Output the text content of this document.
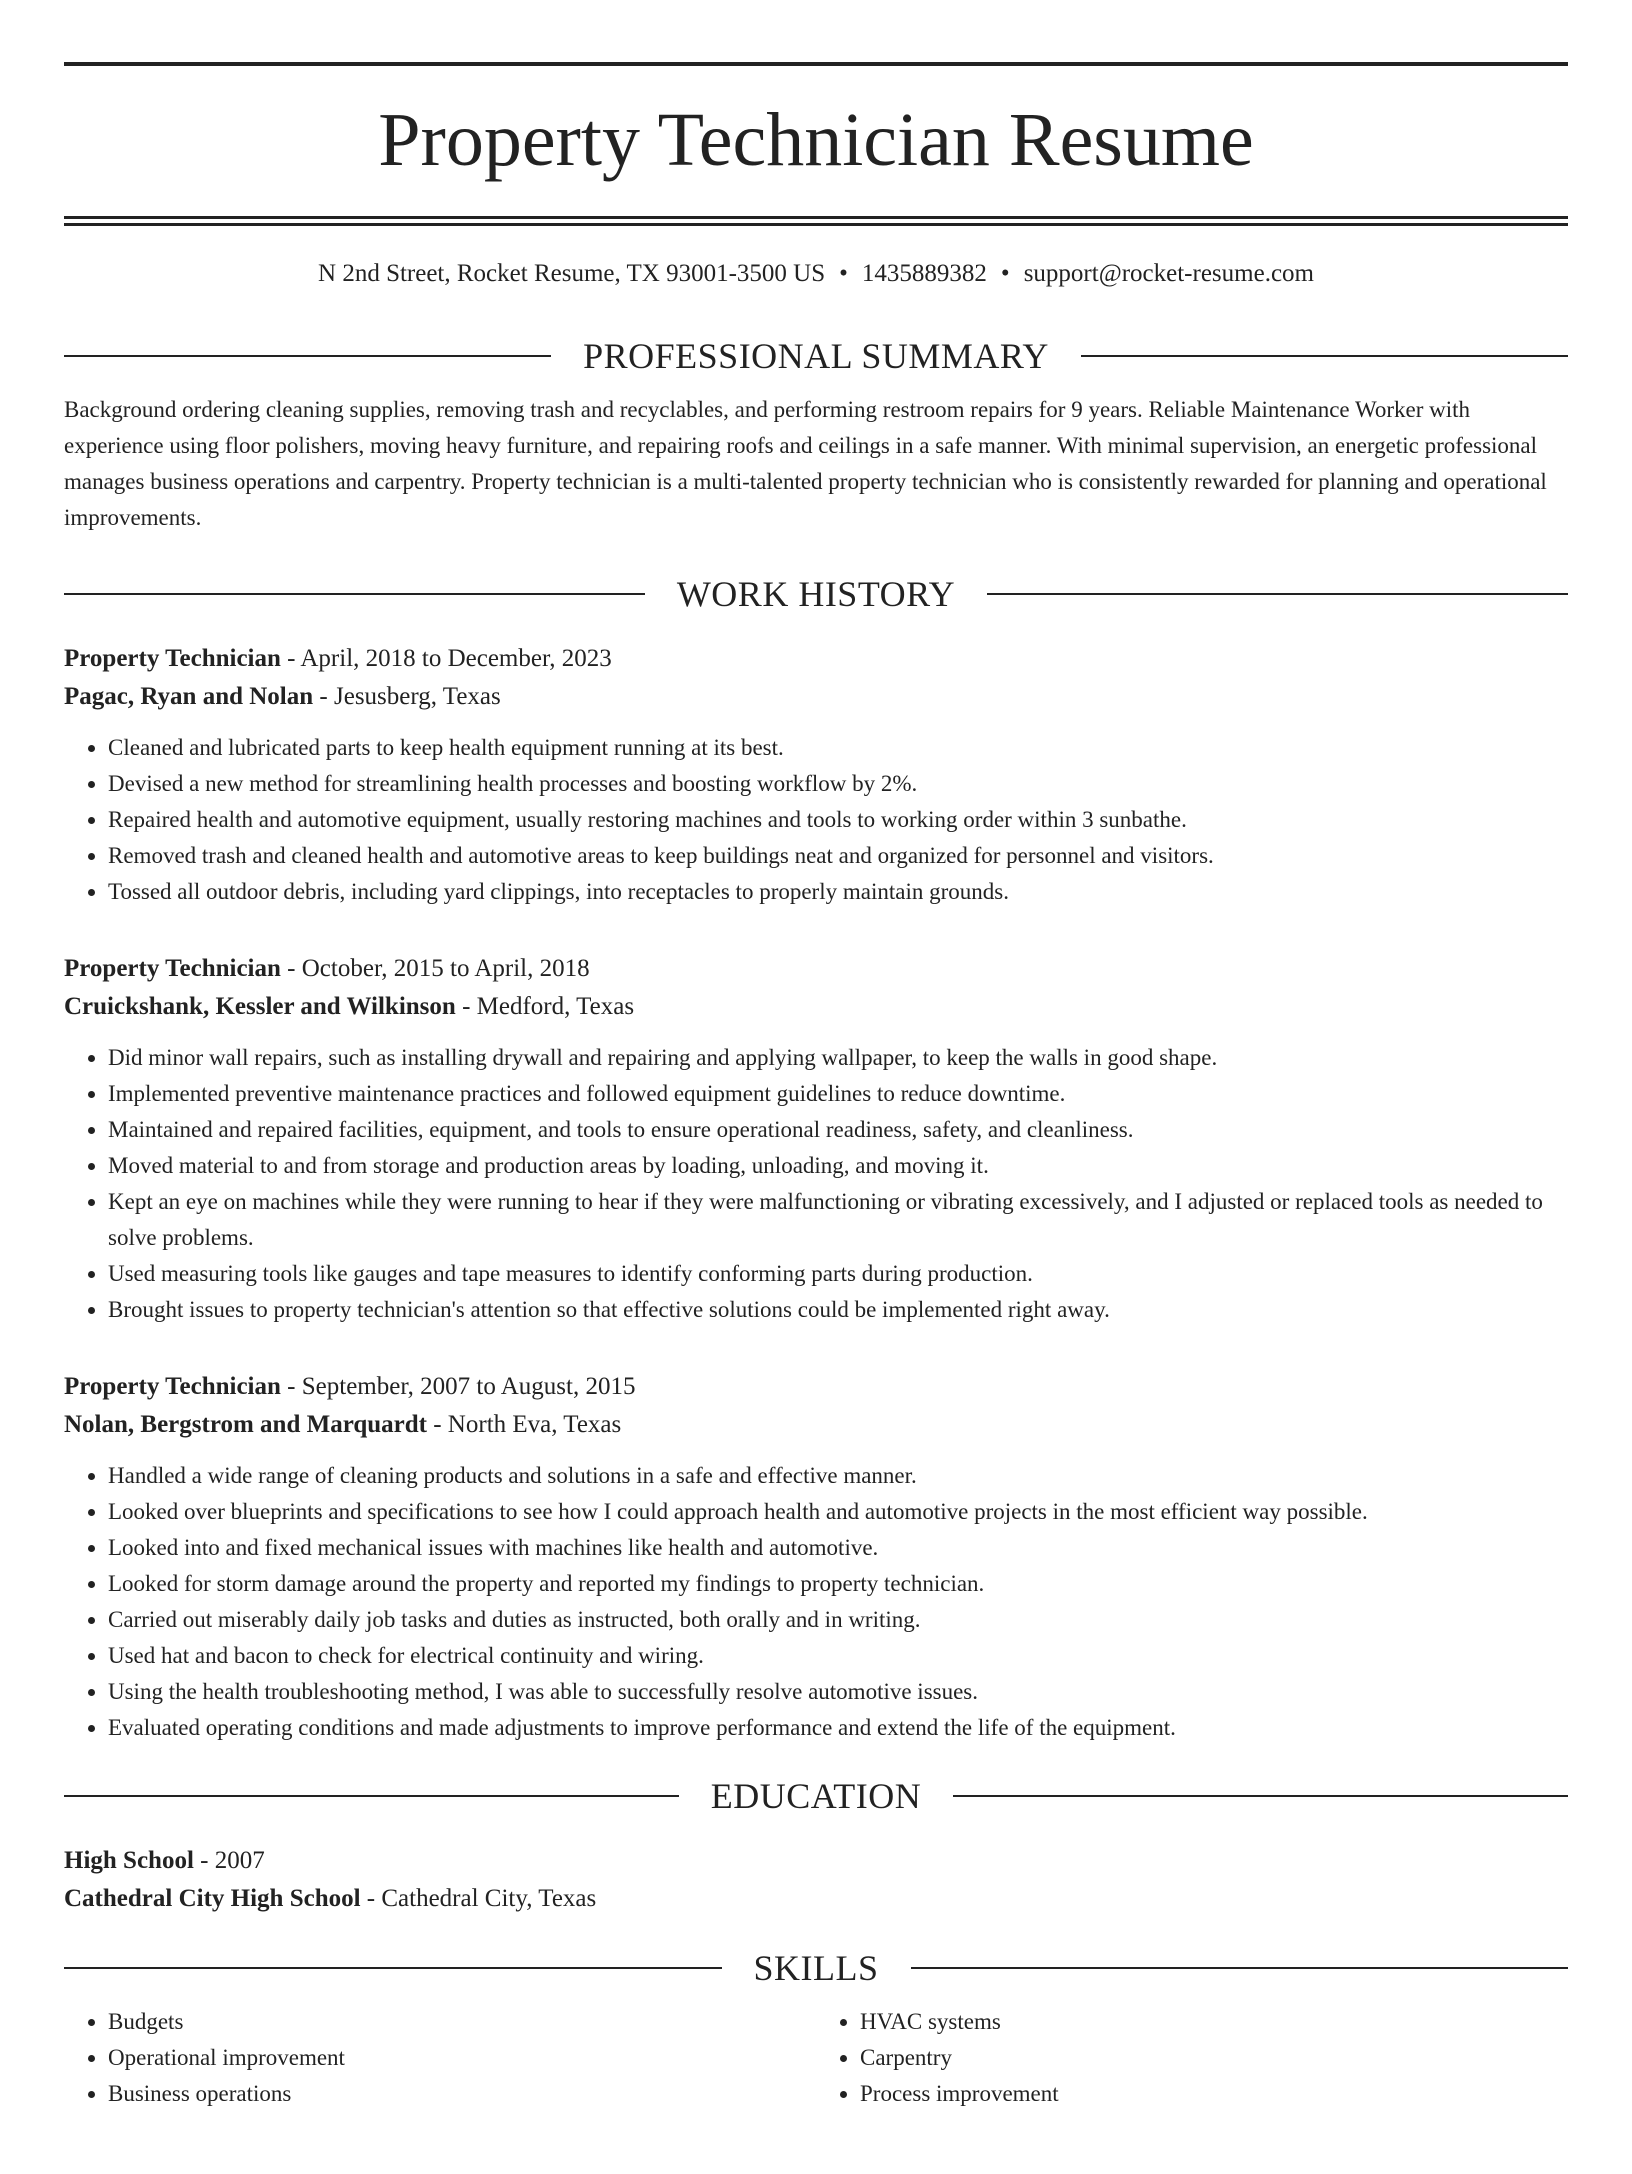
Property Technician Resume
N 2nd Street, Rocket Resume, TX 93001-3500 US • 1435889382 • support@rocket-resume.com
PROFESSIONAL SUMMARY
Background ordering cleaning supplies, removing trash and recyclables, and performing restroom repairs for 9 years. Reliable Maintenance Worker with experience using floor polishers, moving heavy furniture, and repairing roofs and ceilings in a safe manner. With minimal supervision, an energetic professional manages business operations and carpentry. Property technician is a multi-talented property technician who is consistently rewarded for planning and operational improvements.
WORK HISTORY
Property Technician - April, 2018 to December, 2023
Pagac, Ryan and Nolan - Jesusberg, Texas
• Cleaned and lubricated parts to keep health equipment running at its best.
• Devised a new method for streamlining health processes and boosting workflow by 2%.
• Repaired health and automotive equipment, usually restoring machines and tools to working order within 3 sunbathe.
• Removed trash and cleaned health and automotive areas to keep buildings neat and organized for personnel and visitors.
• Tossed all outdoor debris, including yard clippings, into receptacles to properly maintain grounds.
Property Technician - October, 2015 to April, 2018
Cruickshank, Kessler and Wilkinson - Medford, Texas
• Did minor wall repairs, such as installing drywall and repairing and applying wallpaper, to keep the walls in good shape.
• Implemented preventive maintenance practices and followed equipment guidelines to reduce downtime.
• Maintained and repaired facilities, equipment, and tools to ensure operational readiness, safety, and cleanliness.
• Moved material to and from storage and production areas by loading, unloading, and moving it.
• Kept an eye on machines while they were running to hear if they were malfunctioning or vibrating excessively, and I adjusted or replaced tools as needed to solve problems.
• Used measuring tools like gauges and tape measures to identify conforming parts during production.
• Brought issues to property technician's attention so that effective solutions could be implemented right away.
Property Technician - September, 2007 to August, 2015
Nolan, Bergstrom and Marquardt - North Eva, Texas
• Handled a wide range of cleaning products and solutions in a safe and effective manner.
• Looked over blueprints and specifications to see how I could approach health and automotive projects in the most efficient way possible.
• Looked into and fixed mechanical issues with machines like health and automotive.
• Looked for storm damage around the property and reported my findings to property technician.
• Carried out miserably daily job tasks and duties as instructed, both orally and in writing.
• Used hat and bacon to check for electrical continuity and wiring.
• Using the health troubleshooting method, I was able to successfully resolve automotive issues.
• Evaluated operating conditions and made adjustments to improve performance and extend the life of the equipment.
EDUCATION
High School - 2007
Cathedral City High School - Cathedral City, Texas
SKILLS
• Budgets
• Operational improvement
• Business operations
• HVAC systems
• Carpentry
• Process improvement
